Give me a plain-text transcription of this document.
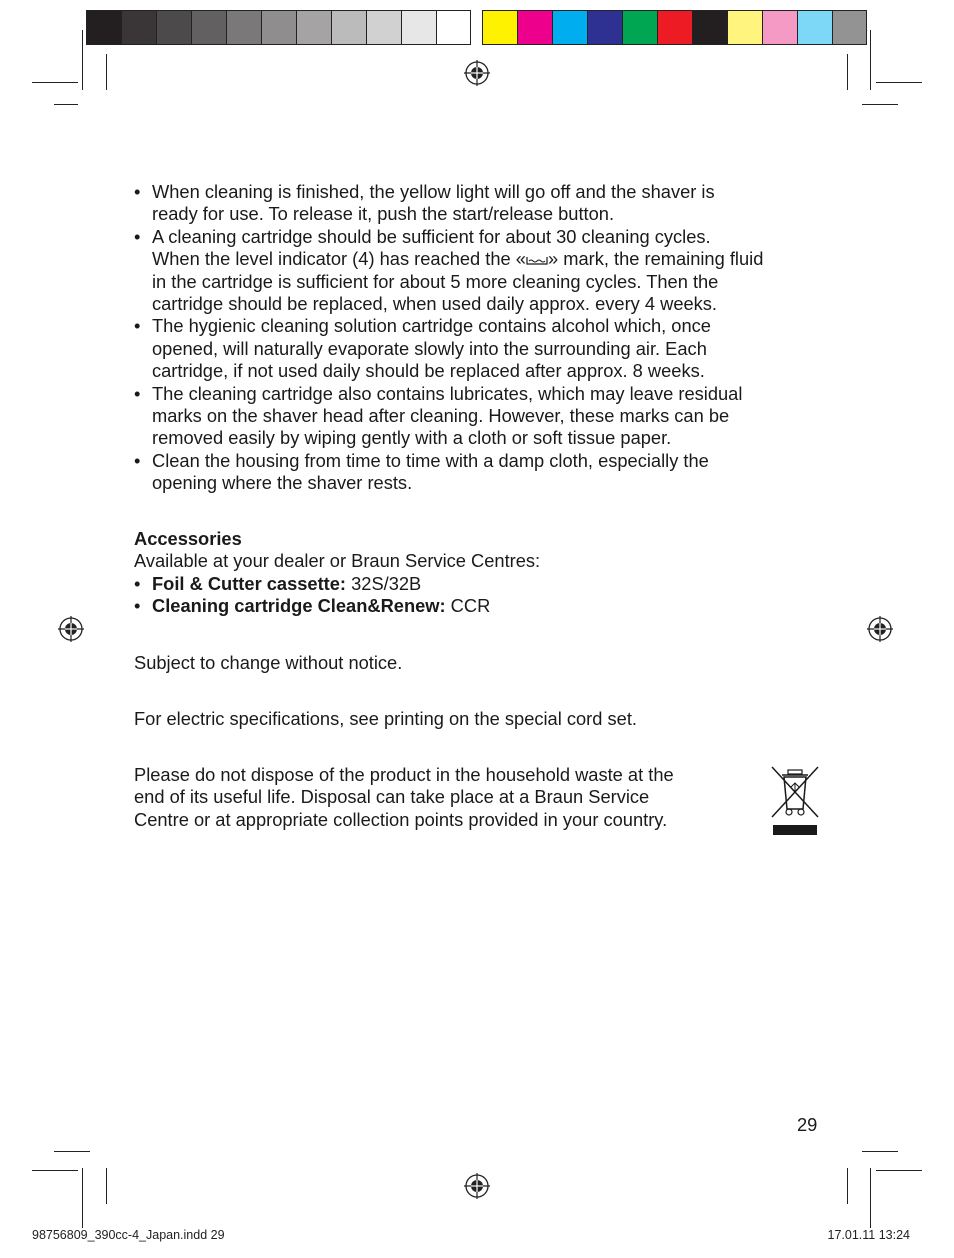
• When cleaning is finished, the yellow light will go off and the shaver is
ready for use. To release it, push the start/release button.
• A cleaning cartridge should be sufficient for about 30 cleaning cycles.
When the level indicator (4) has reached the « » mark, the remaining fluid
in the cartridge is sufficient for about 5 more cleaning cycles. Then the
cartridge should be replaced, when used daily approx. every 4 weeks.
• The hygienic cleaning solution cartridge contains alcohol which, once
opened, will naturally evaporate slowly into the surrounding air. Each
cartridge, if not used daily should be replaced after approx. 8 weeks.
• The cleaning cartridge also contains lubricates, which may leave residual
marks on the shaver head after cleaning. However, these marks can be
removed easily by wiping gently with a cloth or soft tissue paper.
• Clean the housing from time to time with a damp cloth, especially the
opening where the shaver rests.
Accessories
Available at your dealer or Braun Service Centres:
• Foil & Cutter cassette: 32S/32B
• Cleaning cartridge Clean&Renew: CCR
Subject to change without notice.
For electric specifications, see printing on the special cord set.
Please do not dispose of the product in the household waste at the
end of its useful life. Disposal can take place at a Braun Service
Centre or at appropriate collection points provided in your country.
29
98756809_390cc-4_Japan.indd 29	17.01.11 13:24
